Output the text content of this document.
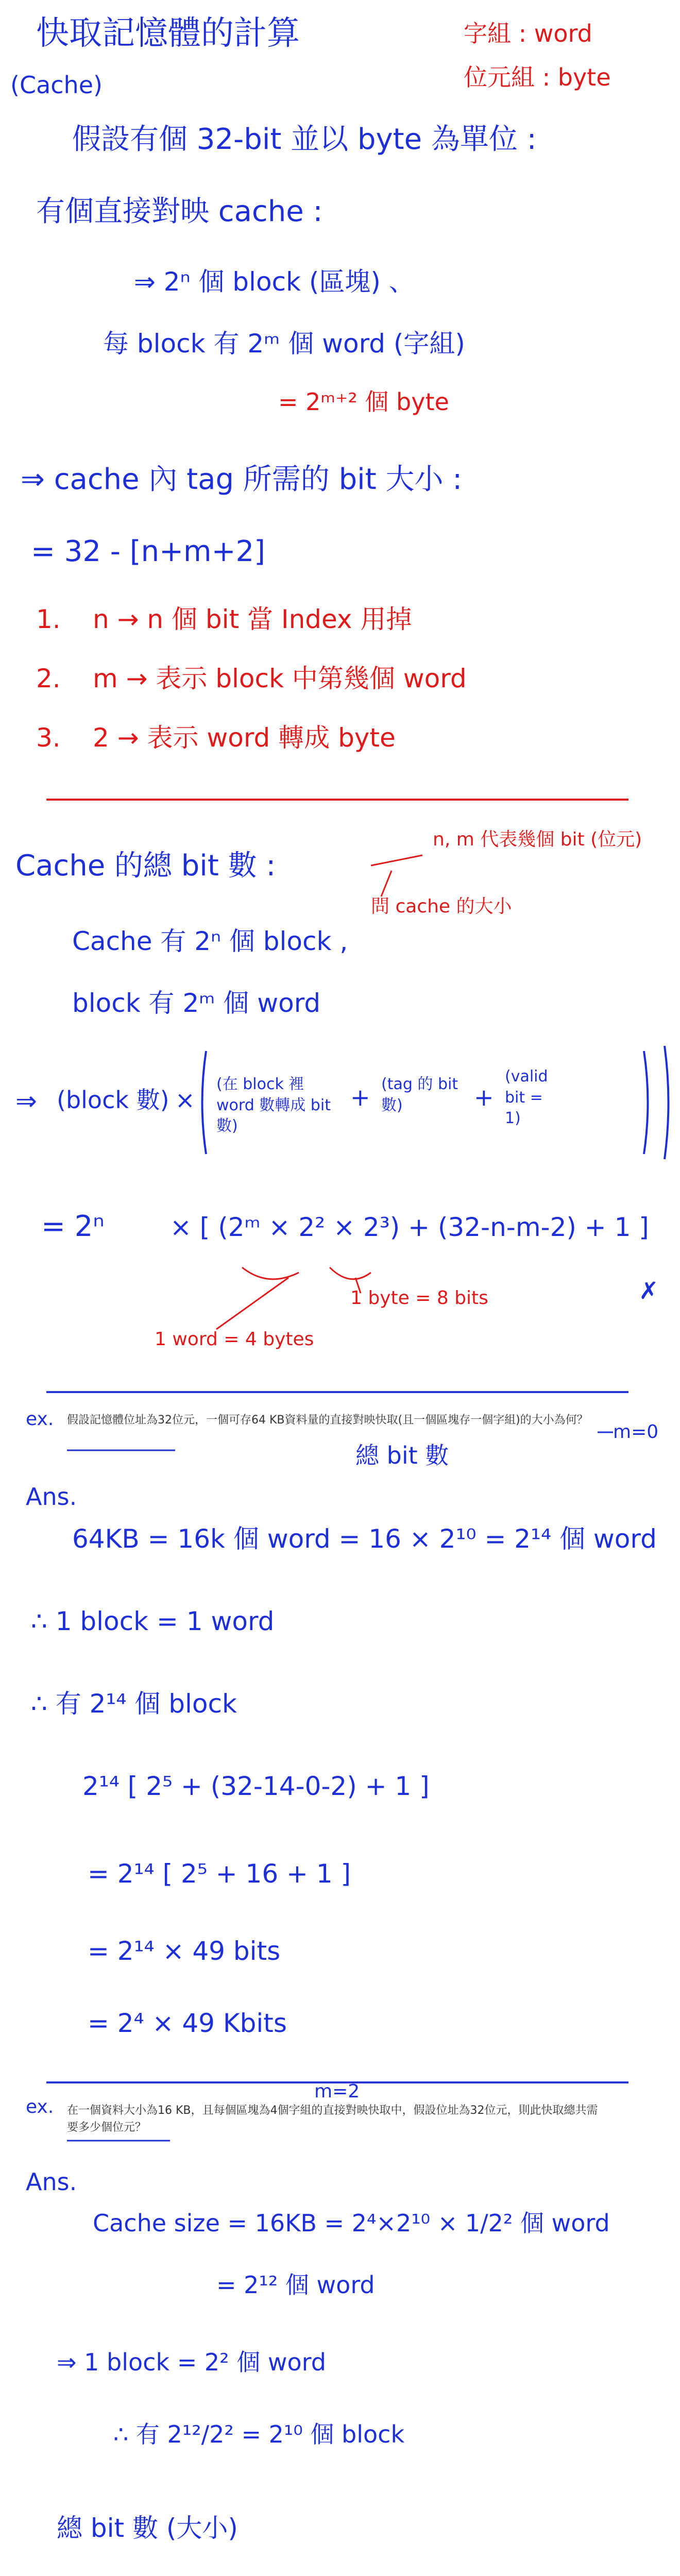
快取記憶體的計算
(Cache)
字組 : word
位元組 : byte
假設有個 32-bit 並以 byte 為單位 :
有個直接對映 cache :
⇒ 2ⁿ 個 block (區塊) 、
每 block 有 2ᵐ 個 word (字組)
= 2ᵐ⁺² 個 byte
⇒ cache 內 tag 所需的 bit 大小 :
= 32 - [n+m+2]
1. n → n 個 bit 當 Index 用掉
2. m → 表示 block 中第幾個 word
3. 2 → 表示 word 轉成 byte
Cache 的總 bit 數 :
n, m 代表幾個 bit (位元)
問 cache 的大小
Cache 有 2ⁿ 個 block ,
block 有 2ᵐ 個 word
⇒ (block 數) ×
(在 block 裡 word 數轉成 bit 數)
+ (tag 的 bit 數)	+
(valid bit = 1)
= 2ⁿ	× [ (2ᵐ × 2² × 2³) + (32-n-m-2) + 1 ]
1 word = 4 bytes
1 byte = 8 bits	✗
ex. 假設記憶體位址為32位元，一個可存64 KB資料量的直接對映快取(且一個區塊存一個字組)的大小為何？
總 bit 數
m=0
Ans.
64KB = 16k 個 word = 16 × 2¹⁰ = 2¹⁴ 個 word
∴ 1 block = 1 word
∴ 有 2¹⁴ 個 block
2¹⁴ [ 2⁵ + (32-14-0-2) + 1 ]
= 2¹⁴ [ 2⁵ + 16 + 1 ]
= 2¹⁴ × 49 bits
= 2⁴ × 49 Kbits
ex.
m=2
在一個資料大小為16 KB，且每個區塊為4個字組的直接對映快取中，假設位址為32位元，則此快取總共需要多少個位元？
Ans.
Cache size = 16KB = 2⁴×2¹⁰ × 1/2² 個 word
= 2¹² 個 word
⇒ 1 block = 2² 個 word
∴ 有 2¹²/2² = 2¹⁰ 個 block
總 bit 數 (大小)
